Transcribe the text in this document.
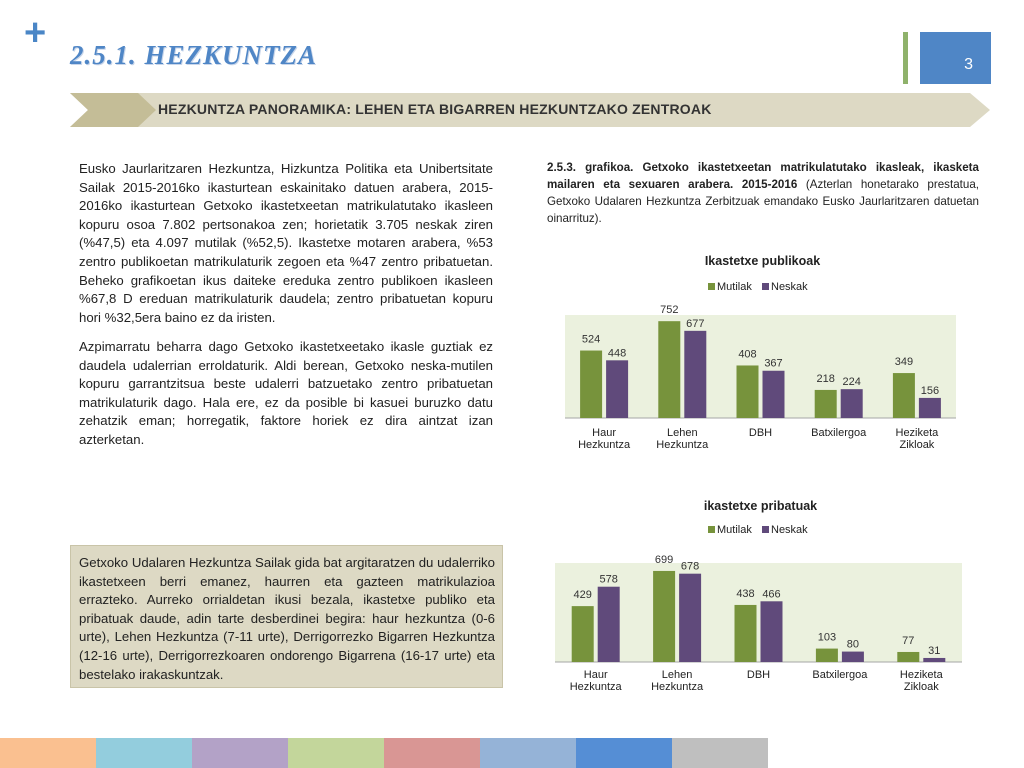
+
2.5.1. HEZKUNTZA	3
HEZKUNTZA PANORAMIKA: LEHEN ETA BIGARREN HEZKUNTZAKO ZENTROAK

Eusko Jaurlaritzaren Hezkuntza, Hizkuntza Politika eta Unibertsitate Sailak 2015-2016ko ikasturtean eskainitako datuen arabera, 2015-2016ko ikasturtean Getxoko ikastetxeetan matrikulatutako ikasleen kopuru osoa 7.802 pertsonakoa zen; horietatik 3.705 neskak ziren (%47,5) eta 4.097 mutilak (%52,5). Ikastetxe motaren arabera, %53 zentro publikoetan matrikulaturik zegoen eta %47 zentro pribatuetan. Beheko grafikoetan ikus daiteke ereduka zentro publikoen ikasleen %67,8 D ereduan matrikulaturik daudela; zentro pribatuetan kopuru hori %32,5era baino ez da iristen.

Azpimarratu beharra dago Getxoko ikastetxeetako ikasle guztiak ez daudela udalerrian erroldaturik. Aldi berean, Getxoko neska-mutilen kopuru garrantzitsua beste udalerri batzuetako zentro pribatuetan matrikulaturik dago. Hala ere, ez da posible bi kasuei buruzko datu zehatzik eman; horregatik, faktore horiek ez dira aintzat izan azterketan.

2.5.3. grafikoa. Getxoko ikastetxeetan matrikulatutako ikasleak, ikasketa mailaren eta sexuaren arabera. 2015-2016 (Azterlan honetarako prestatua, Getxoko Udalaren Hezkuntza Zerbitzuak emandako Eusko Jaurlaritzaren datuetan oinarrituz).

Getxoko Udalaren Hezkuntza Sailak gida bat argitaratzen du udalerriko ikastetxeen berri emanez, haurren eta gazteen matrikulazioa errazteko. Aurreko orrialdetan ikusi bezala, ikastetxe publiko eta pribatuak daude, adin tarte desberdinei begira: haur hezkuntza (0-6 urte), Lehen Hezkuntza (7-11 urte), Derrigorrezko Bigarren Hezkuntza (12-16 urte), Derrigorrezkoaren ondorengo Bigarrena (16-17 urte) eta bestelako irakaskuntzak.

Ikastetxe publikoak
Mutilak Neskak
524
448
Haur
Hezkuntza
752
677
Lehen
Hezkuntza
408
367
DBH
218 224
Batxilergoa
349
156
Heziketa
Zikloak
ikastetxe pribatuak
Mutilak Neskak
429
578
Haur
Hezkuntza
699
678
Lehen
Hezkuntza
438 466
DBH
103
80
Batxilergoa
77
31
Heziketa
Zikloak
